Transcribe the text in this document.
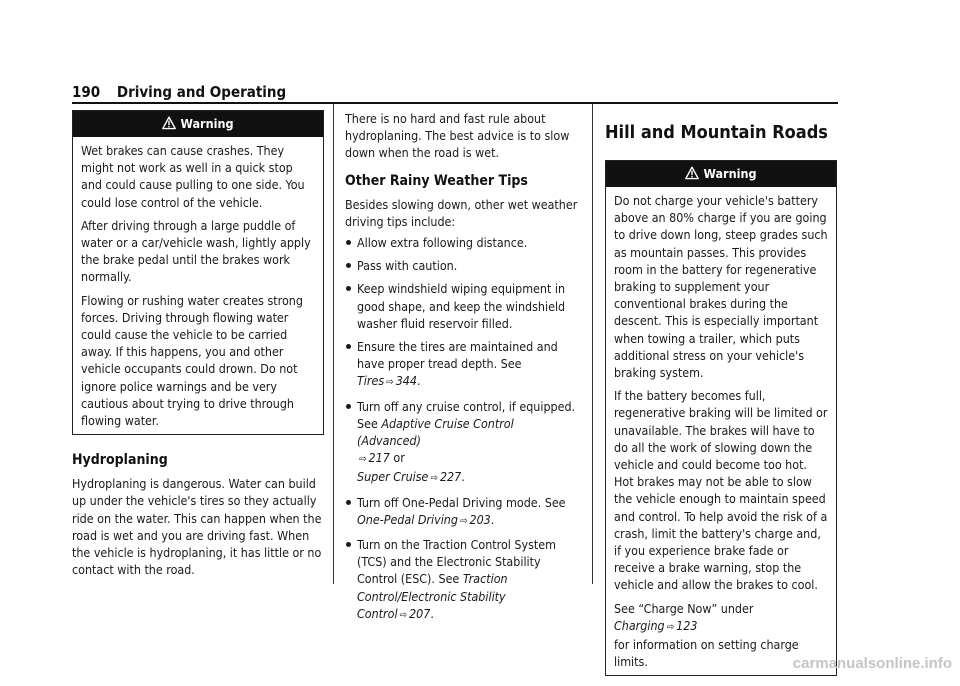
190 Driving and Operating
Warning

Wet brakes can cause crashes. They might not work as well in a quick stop and could cause pulling to one side. You could lose control of the vehicle.

After driving through a large puddle of water or a car/vehicle wash, lightly apply the brake pedal until the brakes work normally.

Flowing or rushing water creates strong forces. Driving through flowing water could cause the vehicle to be carried away. If this happens, you and other vehicle occupants could drown. Do not ignore police warnings and be very cautious about trying to drive through flowing water.

Hydroplaning

Hydroplaning is dangerous. Water can build up under the vehicle's tires so they actually ride on the water. This can happen when the road is wet and you are driving fast. When the vehicle is hydroplaning, it has little or no contact with the road.

There is no hard and fast rule about hydroplaning. The best advice is to slow down when the road is wet.

Other Rainy Weather Tips

Besides slowing down, other wet weather driving tips include:

Allow extra following distance.
Pass with caution.
Keep windshield wiping equipment in good shape, and keep the windshield washer fluid reservoir filled.
Ensure the tires are maintained and have proper tread depth. See Tires ⇨ 344.
Turn off any cruise control, if equipped. See Adaptive Cruise Control (Advanced)
⇨ 217 or
Super Cruise ⇨ 227.
Turn off One-Pedal Driving mode. See
One-Pedal Driving ⇨ 203.
Turn on the Traction Control System (TCS) and the Electronic Stability Control (ESC). See Traction Control/Electronic Stability Control ⇨ 207.
Hill and Mountain Roads
Warning

Do not charge your vehicle's battery above an 80% charge if you are going to drive down long, steep grades such as mountain passes. This provides room in the battery for regenerative braking to supplement your conventional brakes during the descent. This is especially important when towing a trailer, which puts additional stress on your vehicle's braking system.

If the battery becomes full, regenerative braking will be limited or unavailable. The brakes will have to do all the work of slowing down the vehicle and could become too hot. Hot brakes may not be able to slow the vehicle enough to maintain speed and control. To help avoid the risk of a crash, limit the battery's charge and, if you experience brake fade or receive a brake warning, stop the vehicle and allow the brakes to cool.

See “Charge Now” under Charging ⇨ 123
for information on setting charge limits.	carmanualsonline.info
